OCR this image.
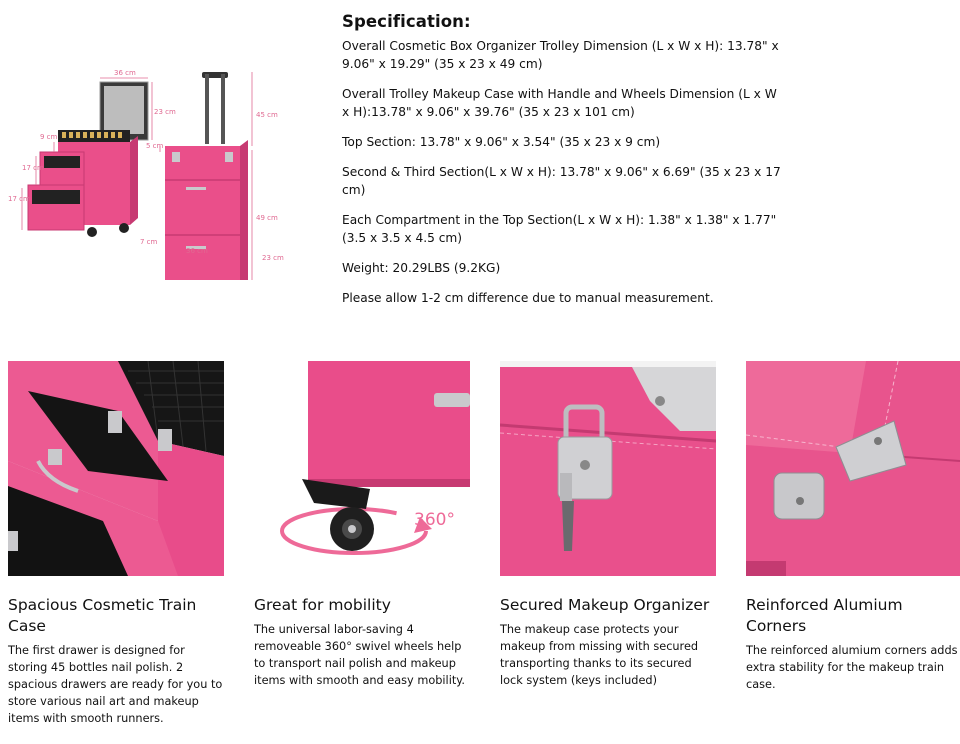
36 cm
23 cm
9 cm
17 cm
17 cm
5 cm
45 cm
49 cm
7 cm
36 cm
23 cm
Specification:
Overall Cosmetic Box Organizer Trolley Dimension (L x W x H): 13.78" x 9.06" x 19.29" (35 x 23 x 49 cm)
Overall Trolley Makeup Case with Handle and Wheels Dimension (L x W x H):13.78" x 9.06" x 39.76" (35 x 23 x 101 cm)
Top Section: 13.78" x 9.06" x 3.54" (35 x 23 x 9 cm)
Second & Third Section(L x W x H): 13.78" x 9.06" x 6.69" (35 x 23 x 17 cm)
Each Compartment in the Top Section(L x W x H): 1.38" x 1.38" x 1.77" (3.5 x 3.5 x 4.5 cm)
Weight: 20.29LBS (9.2KG)
Please allow 1-2 cm difference due to manual measurement.
Spacious Cosmetic Train Case
The first drawer is designed for storing 45 bottles nail polish. 2 spacious drawers are ready for you to store various nail art and makeup items with smooth runners.
360°
Great for mobility
The universal labor-saving 4 removeable 360° swivel wheels help to transport nail polish and makeup items with smooth and easy mobility.
Secured Makeup Organizer
The makeup case protects your makeup from missing with secured transporting thanks to its secured lock system (keys included)
Reinforced Alumium Corners
The reinforced alumium corners adds extra stability for the makeup train case.
